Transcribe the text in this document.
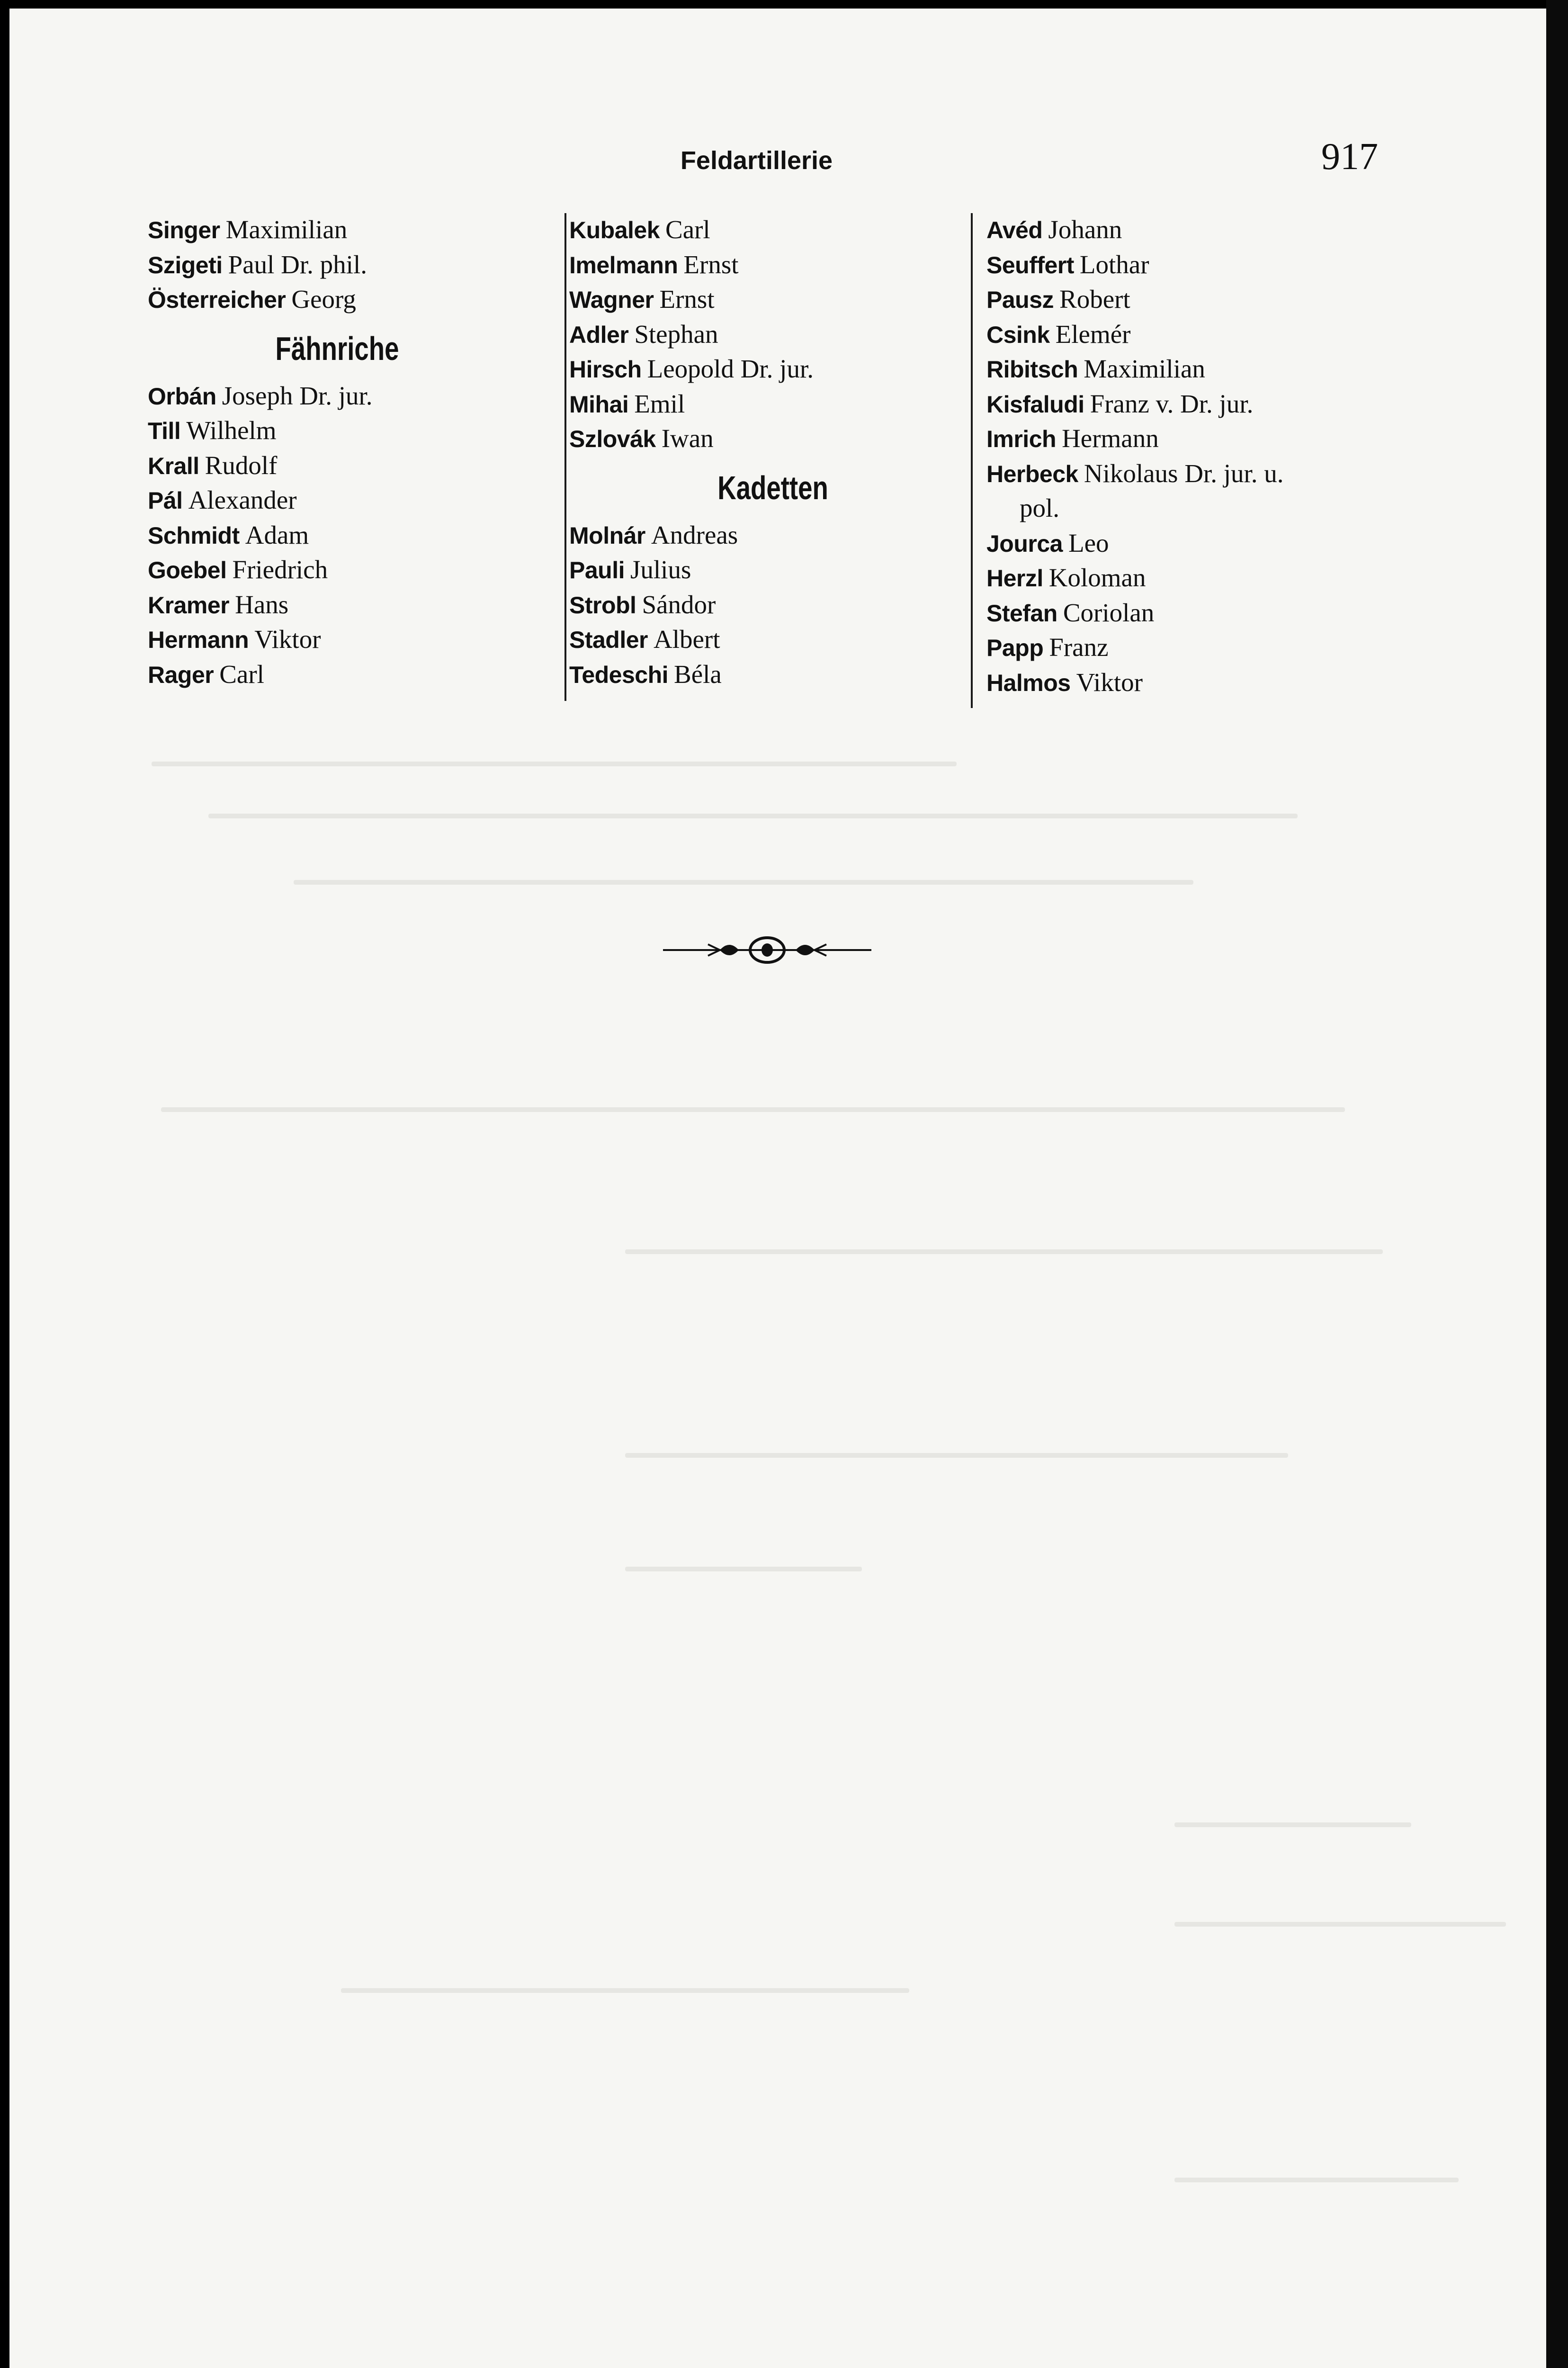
Feldartillerie	917
Singer Maximilian
Szigeti Paul Dr. phil.
Österreicher Georg
Fähnriche
Orbán Joseph Dr. jur.
Till Wilhelm
Krall Rudolf
Pál Alexander
Schmidt Adam
Goebel Friedrich
Kramer Hans
Hermann Viktor
Rager Carl
Kubalek Carl
Imelmann Ernst
Wagner Ernst
Adler Stephan
Hirsch Leopold Dr. jur.
Mihai Emil
Szlovák Iwan
Kadetten
Molnár Andreas
Pauli Julius
Strobl Sándor
Stadler Albert
Tedeschi Béla
Avéd Johann
Seuffert Lothar
Pausz Robert
Csink Elemér
Ribitsch Maximilian
Kisfaludi Franz v. Dr. jur.
Imrich Hermann
Herbeck Nikolaus Dr. jur. u.
pol.
Jourca Leo
Herzl Koloman
Stefan Coriolan
Papp Franz
Halmos Viktor
